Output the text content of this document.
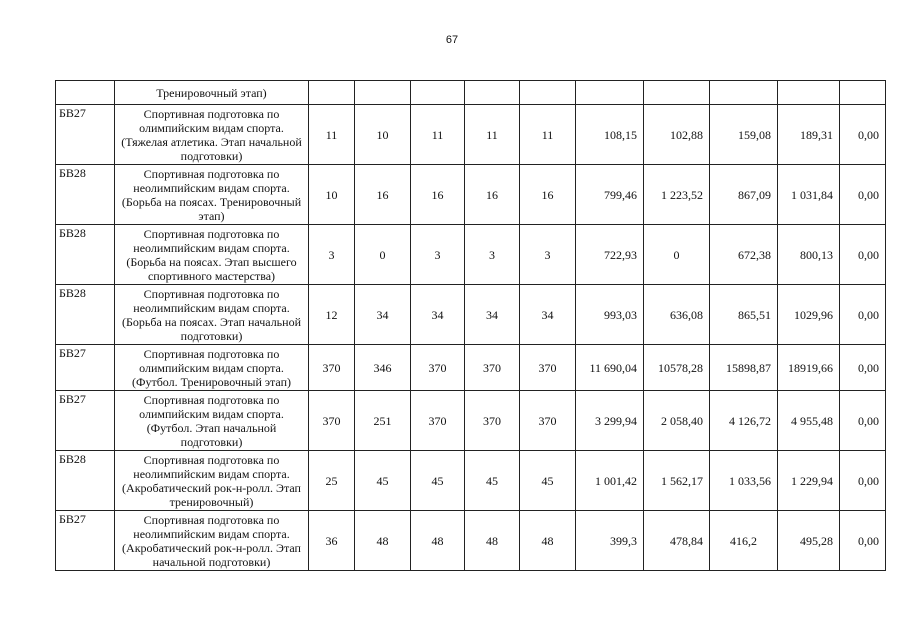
67
	Тренировочный этап)										
БВ27	Спортивная подготовка по олимпийским видам спорта. (Тяжелая атлетика. Этап начальной подготовки)	11	10	11	11	11	108,15	102,88	159,08	189,31	0,00
БВ28	Спортивная подготовка по неолимпийским видам спорта. (Борьба на поясах. Тренировочный этап)	10	16	16	16	16	799,46	1 223,52	867,09	1 031,84	0,00
БВ28	Спортивная подготовка по неолимпийским видам спорта. (Борьба на поясах. Этап высшего спортивного мастерства)	3	0	3	3	3	722,93	0	672,38	800,13	0,00
БВ28	Спортивная подготовка по неолимпийским видам спорта. (Борьба на поясах. Этап начальной подготовки)	12	34	34	34	34	993,03	636,08	865,51	1029,96	0,00
БВ27	Спортивная подготовка по олимпийским видам спорта. (Футбол. Тренировочный этап)	370	346	370	370	370	11 690,04	10578,28	15898,87	18919,66	0,00
БВ27	Спортивная подготовка по олимпийским видам спорта. (Футбол. Этап начальной подготовки)	370	251	370	370	370	3 299,94	2 058,40	4 126,72	4 955,48	0,00
БВ28	Спортивная подготовка по неолимпийским видам спорта. (Акробатический рок-н-ролл. Этап тренировочный)	25	45	45	45	45	1 001,42	1 562,17	1 033,56	1 229,94	0,00
БВ27	Спортивная подготовка по неолимпийским видам спорта. (Акробатический рок-н-ролл. Этап начальной подготовки)	36	48	48	48	48	399,3	478,84	416,2	495,28	0,00
